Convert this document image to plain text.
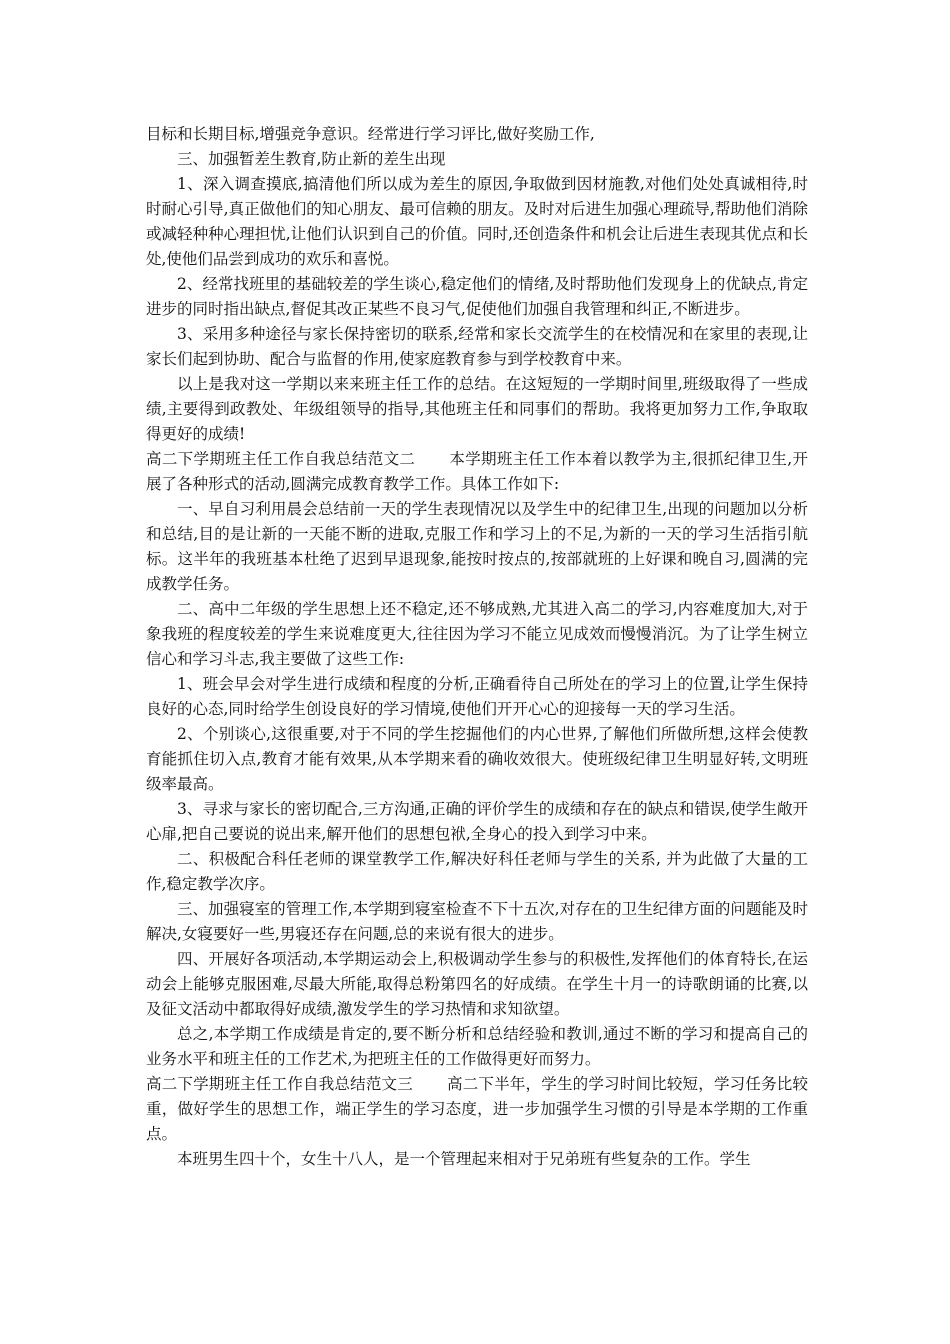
目标和长期目标,增强竞争意识。经常进行学习评比,做好奖励工作,

三、加强暂差生教育,防止新的差生出现

1、深入调查摸底,搞清他们所以成为差生的原因,争取做到因材施教,对他们处处真诚相待,时时耐心引导,真正做他们的知心朋友、最可信赖的朋友。及时对后进生加强心理疏导,帮助他们消除或减轻种种心理担忧,让他们认识到自己的价值。同时,还创造条件和机会让后进生表现其优点和长处,使他们品尝到成功的欢乐和喜悦。

2、经常找班里的基础较差的学生谈心,稳定他们的情绪,及时帮助他们发现身上的优缺点,肯定进步的同时指出缺点,督促其改正某些不良习气,促使他们加强自我管理和纠正,不断进步。

3、采用多种途径与家长保持密切的联系,经常和家长交流学生的在校情况和在家里的表现,让家长们起到协助、配合与监督的作用,使家庭教育参与到学校教育中来。

以上是我对这一学期以来来班主任工作的总结。在这短短的一学期时间里,班级取得了一些成绩,主要得到政教处、年级组领导的指导,其他班主任和同事们的帮助。我将更加努力工作,争取取得更好的成绩!

高二下学期班主任工作自我总结范文二 本学期班主任工作本着以教学为主,很抓纪律卫生,开展了各种形式的活动,圆满完成教育教学工作。具体工作如下:

一、早自习利用晨会总结前一天的学生表现情况以及学生中的纪律卫生,出现的问题加以分析和总结,目的是让新的一天能不断的进取,克服工作和学习上的不足,为新的一天的学习生活指引航标。这半年的我班基本杜绝了迟到早退现象,能按时按点的,按部就班的上好课和晚自习,圆满的完成教学任务。

二、高中二年级的学生思想上还不稳定,还不够成熟,尤其进入高二的学习,内容难度加大,对于象我班的程度较差的学生来说难度更大,往往因为学习不能立见成效而慢慢消沉。为了让学生树立信心和学习斗志,我主要做了这些工作:

1、班会早会对学生进行成绩和程度的分析,正确看待自己所处在的学习上的位置,让学生保持良好的心态,同时给学生创设良好的学习情境,使他们开开心心的迎接每一天的学习生活。

2、个别谈心,这很重要,对于不同的学生挖掘他们的内心世界,了解他们所做所想,这样会使教育能抓住切入点,教育才能有效果,从本学期来看的确收效很大。使班级纪律卫生明显好转,文明班级率最高。

3、寻求与家长的密切配合,三方沟通,正确的评价学生的成绩和存在的缺点和错误,使学生敞开心扉,把自己要说的说出来,解开他们的思想包袱,全身心的投入到学习中来。

二、积极配合科任老师的课堂教学工作,解决好科任老师与学生的关系, 并为此做了大量的工作,稳定教学次序。

三、加强寝室的管理工作,本学期到寝室检查不下十五次,对存在的卫生纪律方面的问题能及时解决,女寝要好一些,男寝还存在问题,总的来说有很大的进步。

四、开展好各项活动,本学期运动会上,积极调动学生参与的积极性,发挥他们的体育特长,在运动会上能够克服困难,尽最大所能,取得总粉第四名的好成绩。在学生十月一的诗歌朗诵的比赛,以及征文活动中都取得好成绩,激发学生的学习热情和求知欲望。

总之,本学期工作成绩是肯定的,要不断分析和总结经验和教训,通过不断的学习和提高自己的业务水平和班主任的工作艺术,为把班主任的工作做得更好而努力。

高二下学期班主任工作自我总结范文三 高二下半年，学生的学习时间比较短，学习任务比较重，做好学生的思想工作，端正学生的学习态度，进一步加强学生习惯的引导是本学期的工作重点。

本班男生四十个，女生十八人，是一个管理起来相对于兄弟班有些复杂的工作。学生
